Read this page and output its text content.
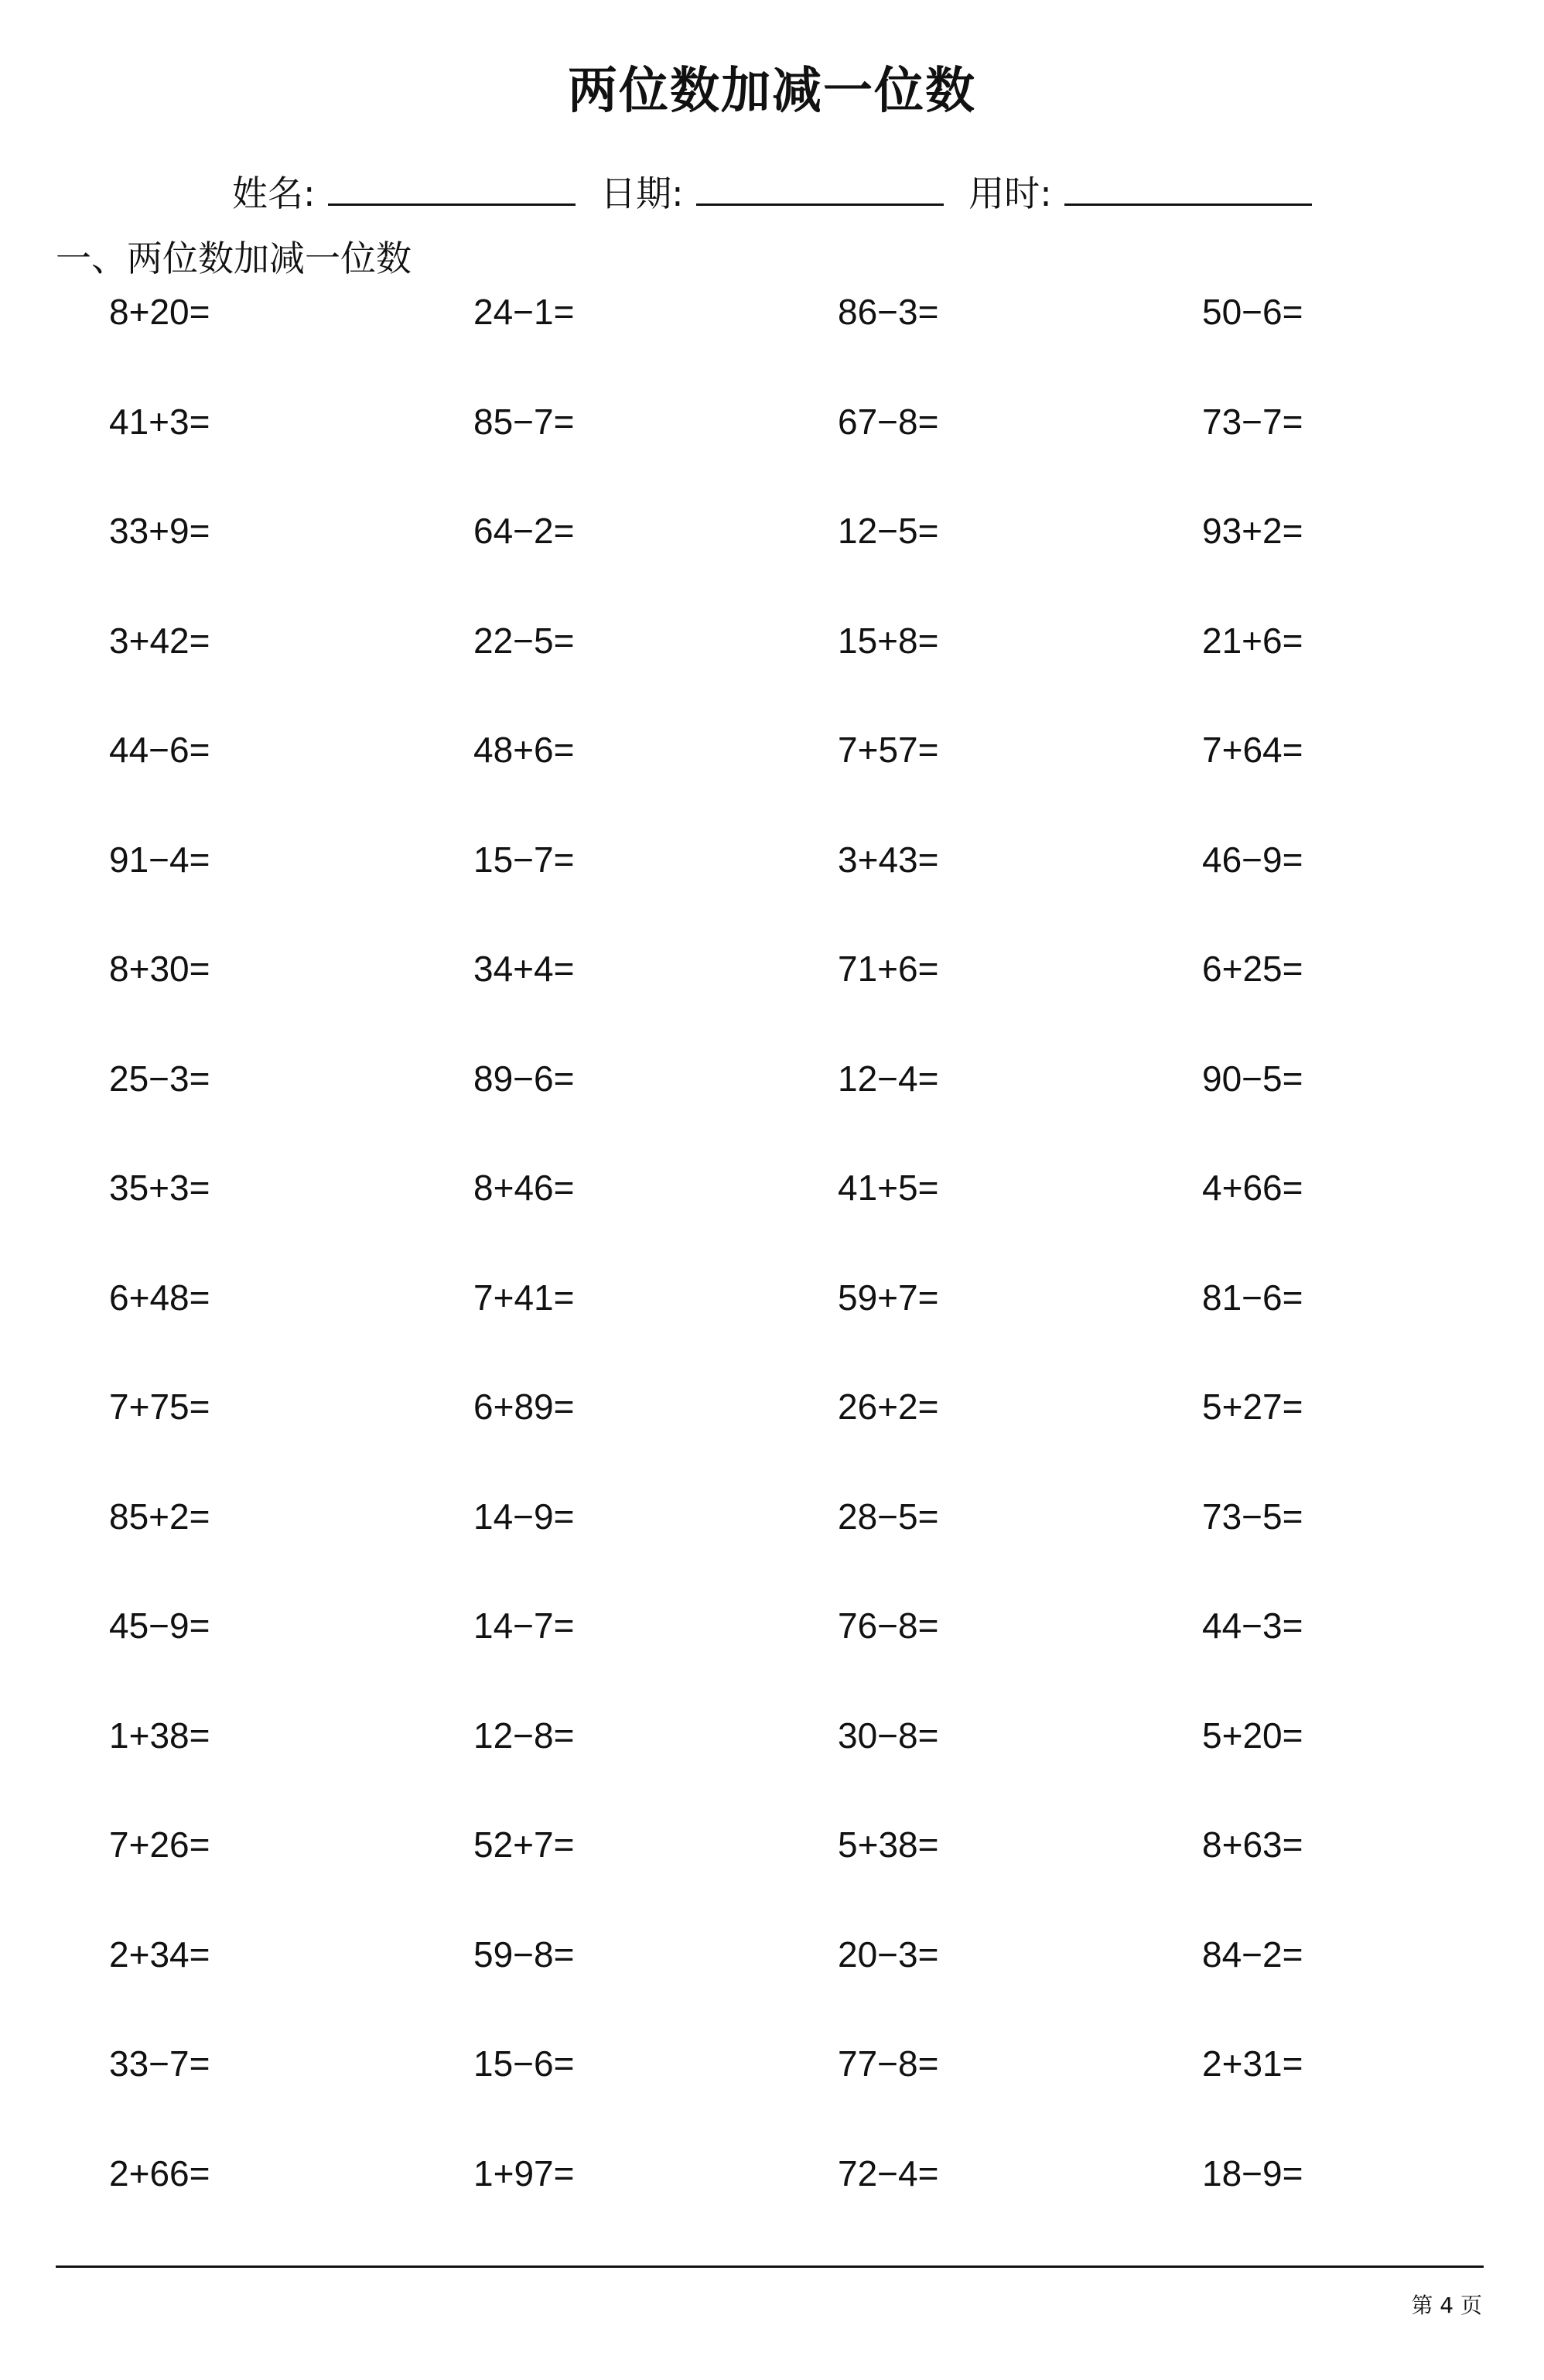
两位数加减一位数
姓名:	日期:	用时:
一、两位数加减一位数
8+20=	24−1=	86−3=	50−6=
41+3=	85−7=	67−8=	73−7=
33+9=	64−2=	12−5=	93+2=
3+42=	22−5=	15+8=	21+6=
44−6=	48+6=	7+57=	7+64=
91−4=	15−7=	3+43=	46−9=
8+30=	34+4=	71+6=	6+25=
25−3=	89−6=	12−4=	90−5=
35+3=	8+46=	41+5=	4+66=
6+48=	7+41=	59+7=	81−6=
7+75=	6+89=	26+2=	5+27=
85+2=	14−9=	28−5=	73−5=
45−9=	14−7=	76−8=	44−3=
1+38=	12−8=	30−8=	5+20=
7+26=	52+7=	5+38=	8+63=
2+34=	59−8=	20−3=	84−2=
33−7=	15−6=	77−8=	2+31=
2+66=	1+97=	72−4=	18−9=
第 4 页
